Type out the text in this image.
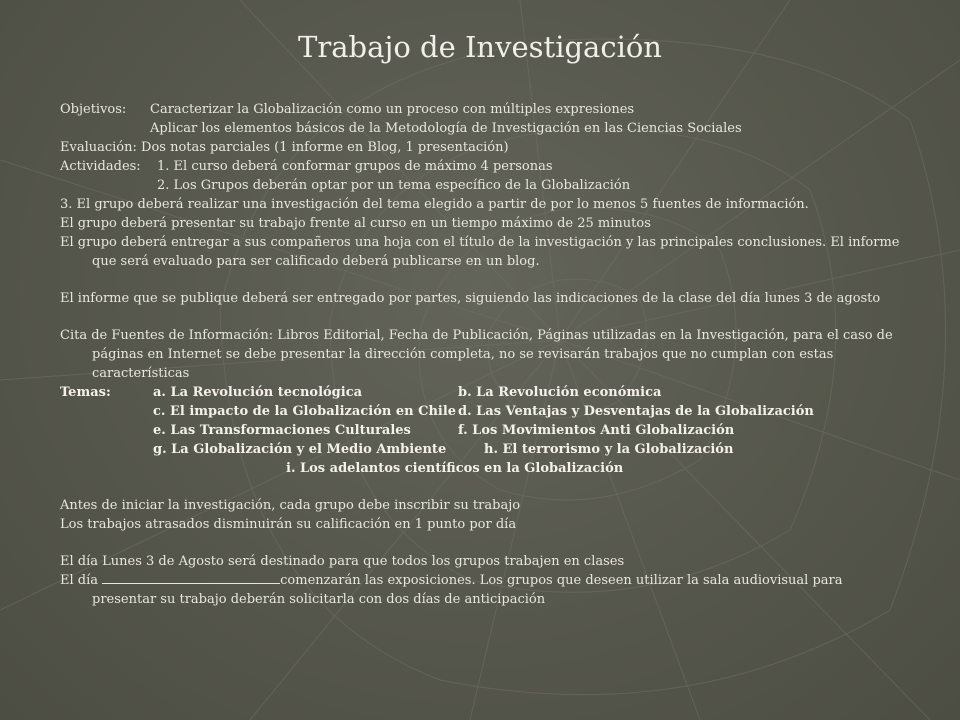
Trabajo de Investigación
Objetivos: Caracterizar la Globalización como un proceso con múltiples expresiones
Aplicar los elementos básicos de la Metodología de Investigación en las Ciencias Sociales
Evaluación: Dos notas parciales (1 informe en Blog, 1 presentación)
Actividades: 1. El curso deberá conformar grupos de máximo 4 personas
2. Los Grupos deberán optar por un tema específico de la Globalización
3. El grupo deberá realizar una investigación del tema elegido a partir de por lo menos 5 fuentes de información.
El grupo deberá presentar su trabajo frente al curso en un tiempo máximo de 25 minutos
El grupo deberá entregar a sus compañeros una hoja con el título de la investigación y las principales conclusiones. El informe que será evaluado para ser calificado deberá publicarse en un blog.
El informe que se publique deberá ser entregado por partes, siguiendo las indicaciones de la clase del día lunes 3 de agosto
Cita de Fuentes de Información: Libros Editorial, Fecha de Publicación, Páginas utilizadas en la Investigación, para el caso de páginas en Internet se debe presentar la dirección completa, no se revisarán trabajos que no cumplan con estas características
Temas:	a. La Revolución tecnológica	b. La Revolución económica
c. El impacto de la Globalización en Chile d. Las Ventajas y Desventajas de la Globalización
e. Las Transformaciones Culturales	f. Los Movimientos Anti Globalización
g. La Globalización y el Medio Ambiente	h. El terrorismo y la Globalización
i. Los adelantos científicos en la Globalización
Antes de iniciar la investigación, cada grupo debe inscribir su trabajo
Los trabajos atrasados disminuirán su calificación en 1 punto por día
El día Lunes 3 de Agosto será destinado para que todos los grupos trabajen en clases
El día	comenzarán las exposiciones. Los grupos que deseen utilizar la sala audiovisual para presentar su trabajo deberán solicitarla con dos días de anticipación
